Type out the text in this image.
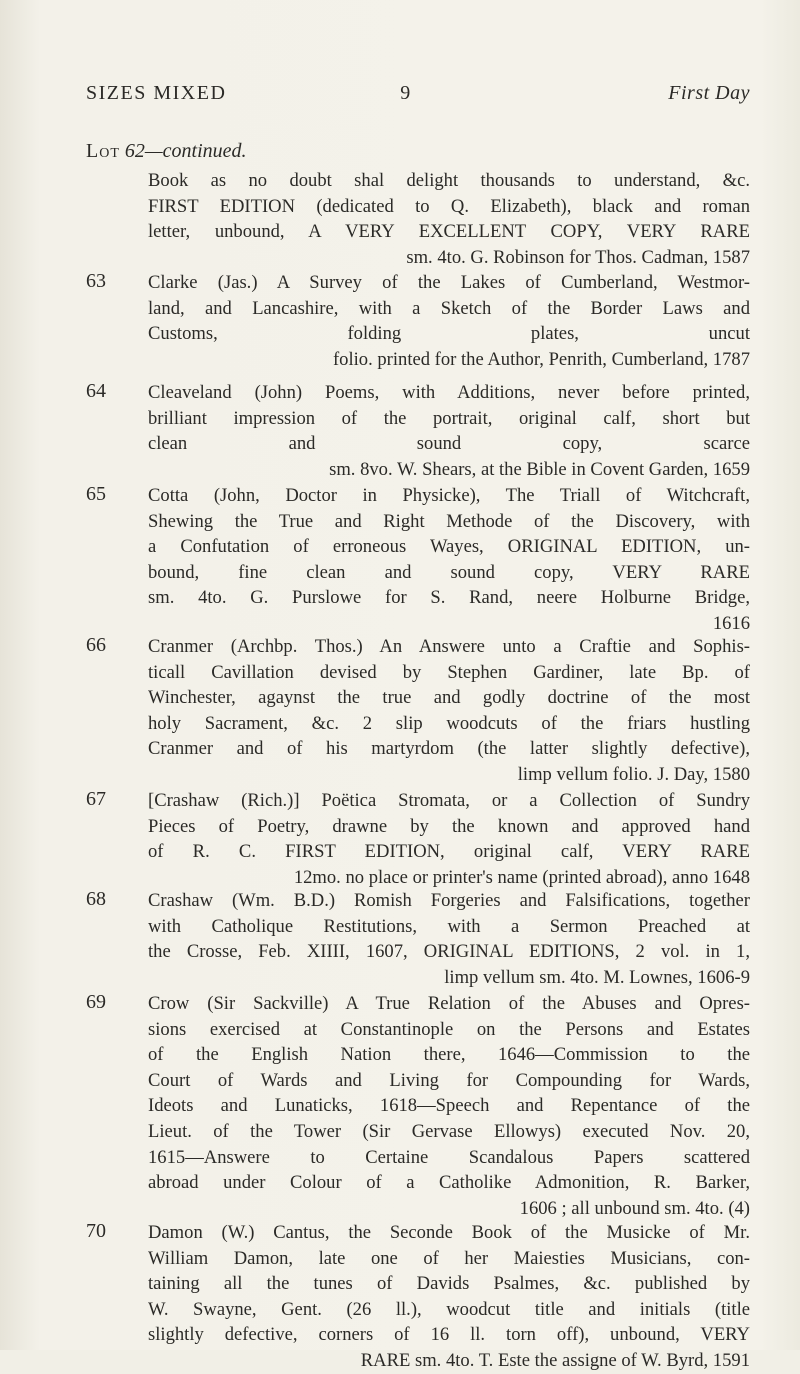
SIZES MIXED	9	First Day
Lot 62—continued.
Book as no doubt shal delight thousands to understand, &c.
FIRST EDITION (dedicated to Q. Elizabeth), black and roman
letter, unbound, A VERY EXCELLENT COPY, VERY RARE
sm. 4to. G. Robinson for Thos. Cadman, 1587
63	Clarke (Jas.) A Survey of the Lakes of Cumberland, Westmor-
land, and Lancashire, with a Sketch of the Border Laws and
Customs, folding plates, uncut
folio. printed for the Author, Penrith, Cumberland, 1787
64	Cleaveland (John) Poems, with Additions, never before printed,
brilliant impression of the portrait, original calf, short but
clean and sound copy, scarce
sm. 8vo. W. Shears, at the Bible in Covent Garden, 1659
65	Cotta (John, Doctor in Physicke), The Triall of Witchcraft,
Shewing the True and Right Methode of the Discovery, with
a Confutation of erroneous Wayes, ORIGINAL EDITION, un-
bound, fine clean and sound copy, VERY RARE
sm. 4to. G. Purslowe for S. Rand, neere Holburne Bridge,
1616
66	Cranmer (Archbp. Thos.) An Answere unto a Craftie and Sophis-
ticall Cavillation devised by Stephen Gardiner, late Bp. of
Winchester, agaynst the true and godly doctrine of the most
holy Sacrament, &c. 2 slip woodcuts of the friars hustling
Cranmer and of his martyrdom (the latter slightly defective),
limp vellum folio. J. Day, 1580
67	[Crashaw (Rich.)] Poëtica Stromata, or a Collection of Sundry
Pieces of Poetry, drawne by the known and approved hand
of R. C. FIRST EDITION, original calf, VERY RARE
12mo. no place or printer's name (printed abroad), anno 1648
68	Crashaw (Wm. B.D.) Romish Forgeries and Falsifications, together
with Catholique Restitutions, with a Sermon Preached at
the Crosse, Feb. XIIII, 1607, ORIGINAL EDITIONS, 2 vol. in 1,
limp vellum sm. 4to. M. Lownes, 1606-9
69	Crow (Sir Sackville) A True Relation of the Abuses and Opres-
sions exercised at Constantinople on the Persons and Estates
of the English Nation there, 1646—Commission to the
Court of Wards and Living for Compounding for Wards,
Ideots and Lunaticks, 1618—Speech and Repentance of the
Lieut. of the Tower (Sir Gervase Ellowys) executed Nov. 20,
1615—Answere to Certaine Scandalous Papers scattered
abroad under Colour of a Catholike Admonition, R. Barker,
1606 ; all unbound sm. 4to. (4)
70	Damon (W.) Cantus, the Seconde Book of the Musicke of Mr.
William Damon, late one of her Maiesties Musicians, con-
taining all the tunes of Davids Psalmes, &c. published by
W. Swayne, Gent. (26 ll.), woodcut title and initials (title
slightly defective, corners of 16 ll. torn off), unbound, VERY
RARE sm. 4to. T. Este the assigne of W. Byrd, 1591
